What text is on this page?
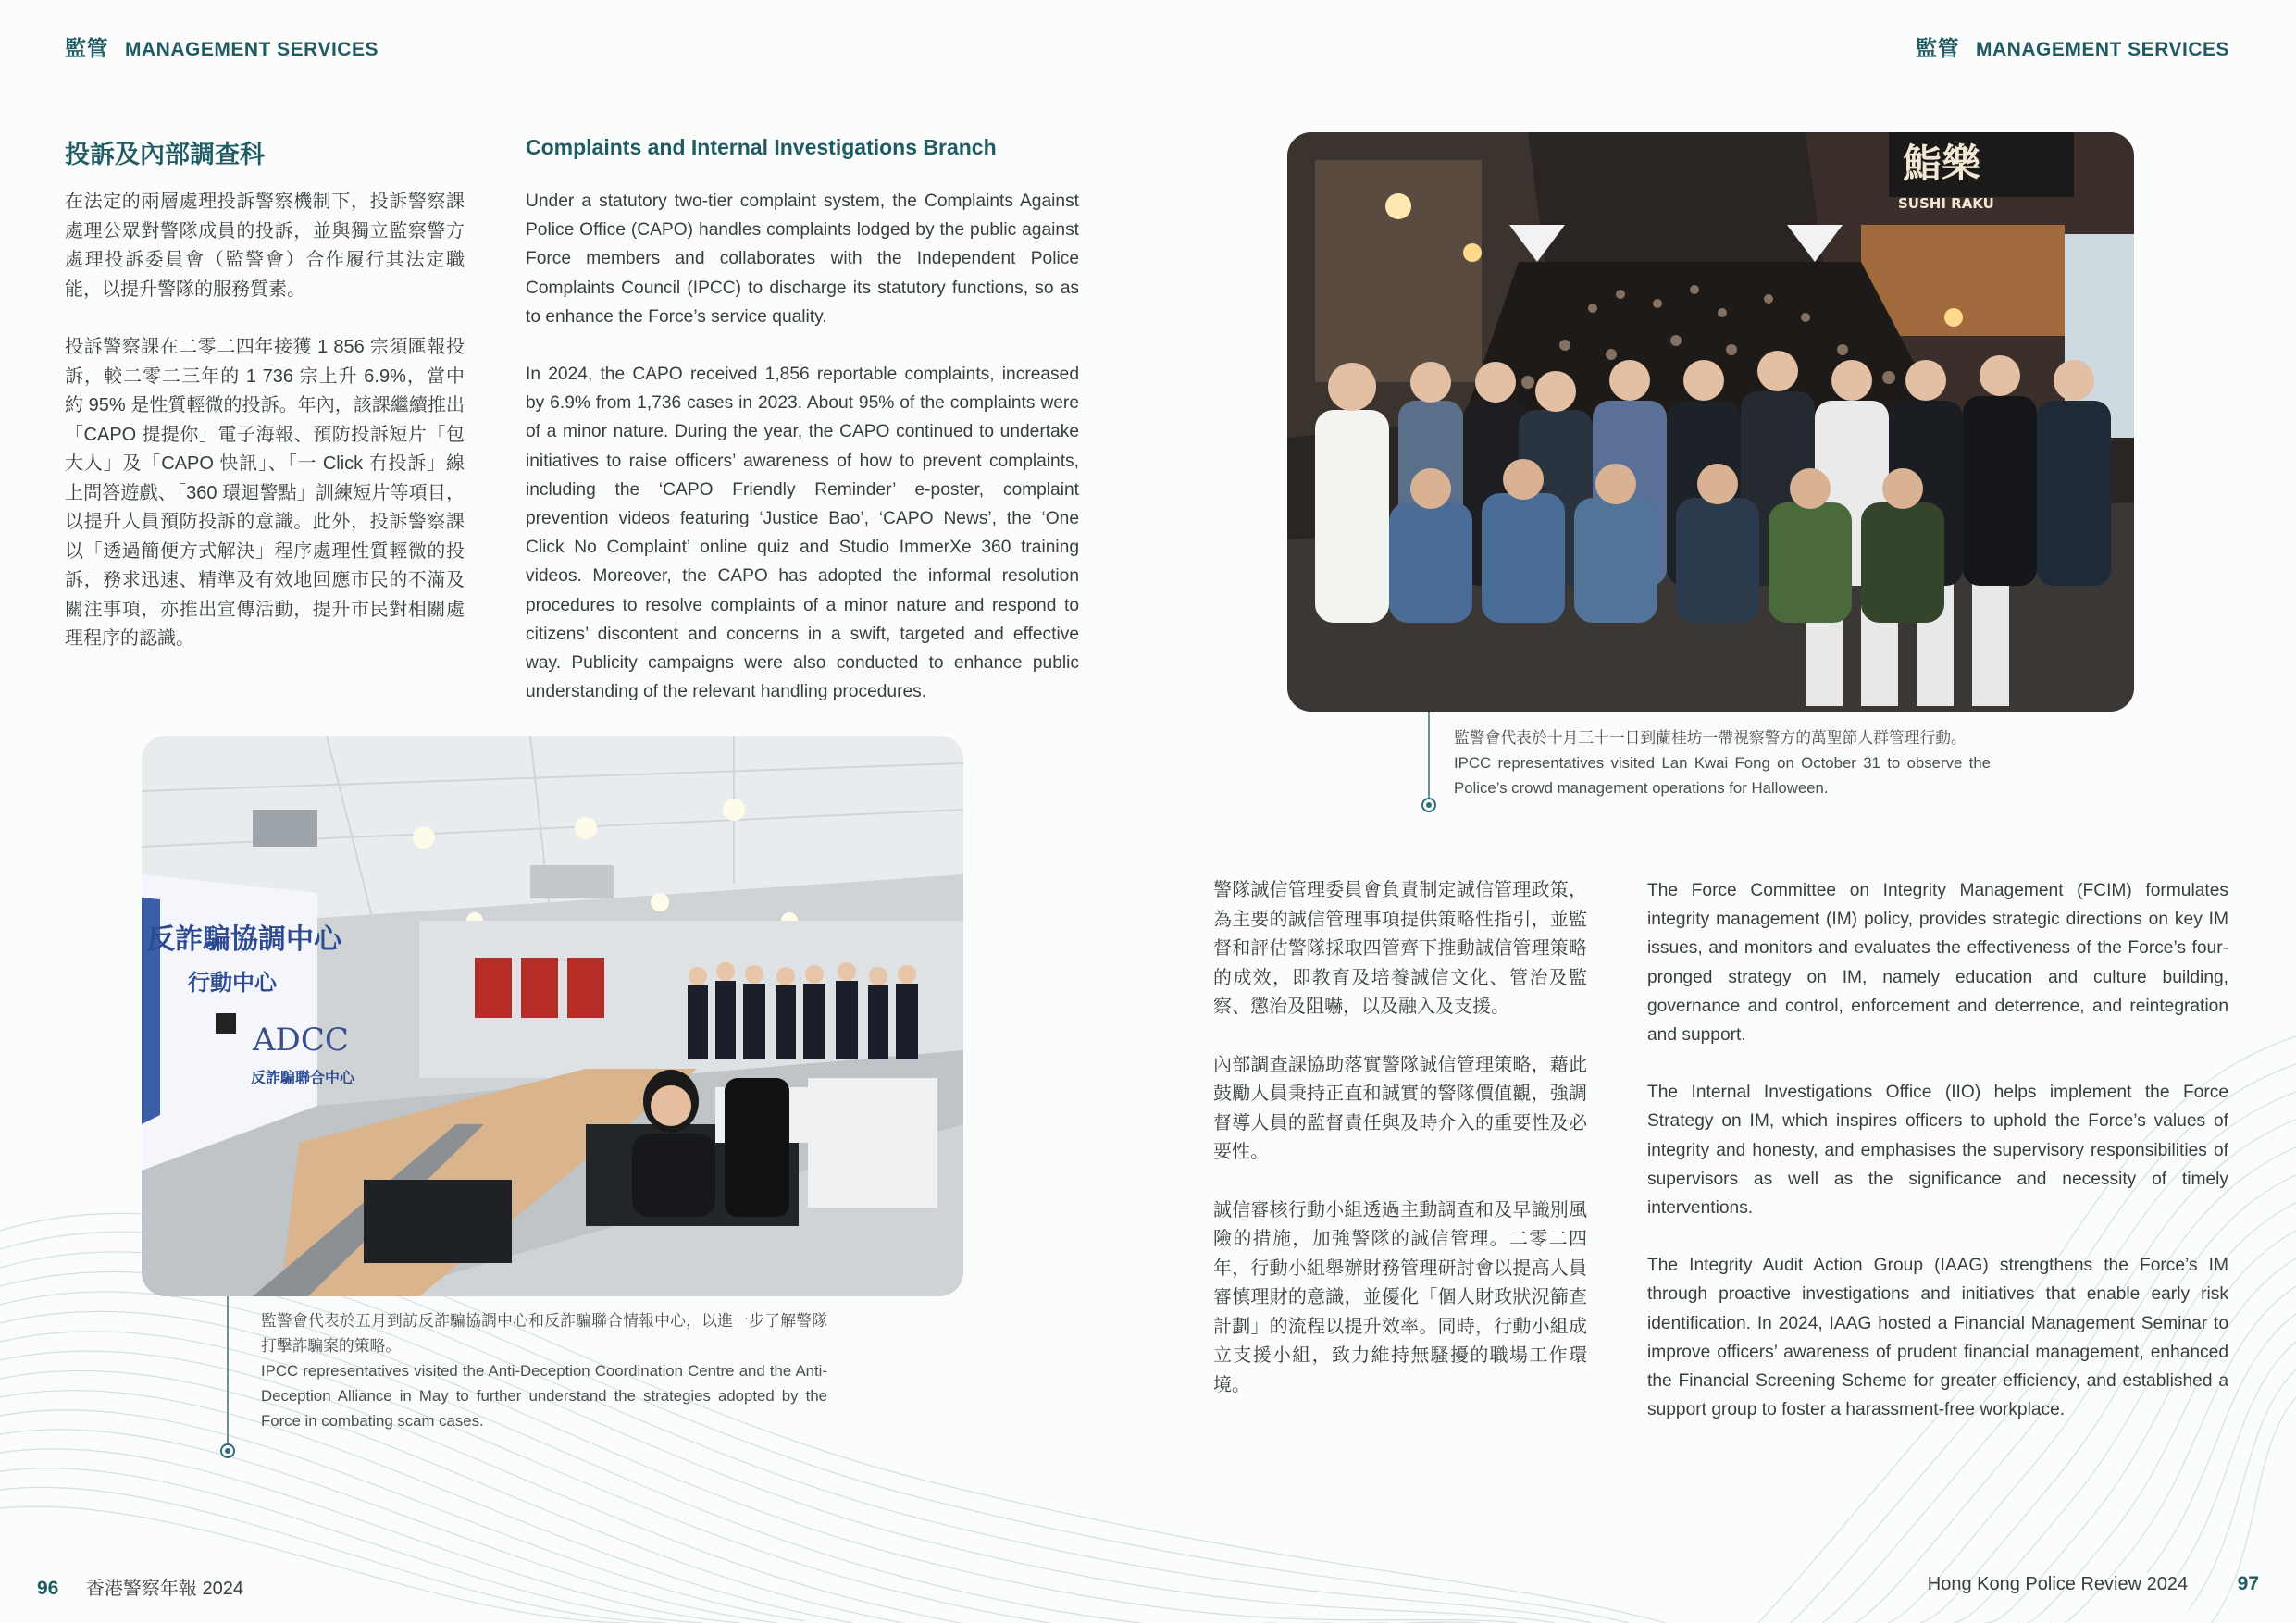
監管 MANAGEMENT SERVICES	監管 MANAGEMENT SERVICES
投訴及內部調查科	Complaints and Internal Investigations Branch

在法定的兩層處理投訴警察機制下，投訴警察課處理公眾對警隊成員的投訴，並與獨立監察警方處理投訴委員會（監警會）合作履行其法定職能，以提升警隊的服務質素。

投訴警察課在二零二四年接獲 1 856 宗須匯報投訴，較二零二三年的 1 736 宗上升 6.9%，當中約 95% 是性質輕微的投訴。年內，該課繼續推出「CAPO 提提你」電子海報、預防投訴短片「包大人」及「CAPO 快訊」、「一 Click 冇投訴」線上問答遊戲、「360 環迴警點」訓練短片等項目，以提升人員預防投訴的意識。此外，投訴警察課以「透過簡便方式解決」程序處理性質輕微的投訴，務求迅速、精準及有效地回應市民的不滿及關注事項，亦推出宣傳活動，提升市民對相關處理程序的認識。

Under a statutory two-tier complaint system, the Complaints Against Police Office (CAPO) handles complaints lodged by the public against Force members and collaborates with the Independent Police Complaints Council (IPCC) to discharge its statutory functions, so as to enhance the Force’s service quality.

In 2024, the CAPO received 1,856 reportable complaints, increased by 6.9% from 1,736 cases in 2023. About 95% of the complaints were of a minor nature. During the year, the CAPO continued to undertake initiatives to raise officers’ awareness of how to prevent complaints, including the ‘CAPO Friendly Reminder’ e-poster, complaint prevention videos featuring ‘Justice Bao’, ‘CAPO News’, the ‘One Click No Complaint’ online quiz and Studio ImmerXe 360 training videos. Moreover, the CAPO has adopted the informal resolution procedures to resolve complaints of a minor nature and respond to citizens’ discontent and concerns in a swift, targeted and effective way. Publicity campaigns were also conducted to enhance public understanding of the relevant handling procedures.

反詐騙協調中心
行動中心
ADCC
反詐騙聯合中心
監警會代表於五月到訪反詐騙協調中心和反詐騙聯合情報中心，以進一步了解警隊打擊詐騙案的策略。
IPCC representatives visited the Anti-Deception Coordination Centre and the Anti-Deception Alliance in May to further understand the strategies adopted by the Force in combating scam cases.
鮨樂
SUSHI RAKU
監警會代表於十月三十一日到蘭桂坊一帶視察警方的萬聖節人群管理行動。
IPCC representatives visited Lan Kwai Fong on October 31 to observe the Police’s crowd management operations for Halloween.

警隊誠信管理委員會負責制定誠信管理政策，為主要的誠信管理事項提供策略性指引，並監督和評估警隊採取四管齊下推動誠信管理策略的成效，即教育及培養誠信文化、管治及監察、懲治及阻嚇，以及融入及支援。

內部調查課協助落實警隊誠信管理策略，藉此鼓勵人員秉持正直和誠實的警隊價值觀，強調督導人員的監督責任與及時介入的重要性及必要性。

誠信審核行動小組透過主動調查和及早識別風險的措施，加強警隊的誠信管理。二零二四年，行動小組舉辦財務管理研討會以提高人員審慎理財的意識，並優化「個人財政狀況篩查計劃」的流程以提升效率。同時，行動小組成立支援小組，致力維持無騷擾的職場工作環境。

The Force Committee on Integrity Management (FCIM) formulates integrity management (IM) policy, provides strategic directions on key IM issues, and monitors and evaluates the effectiveness of the Force’s four-pronged strategy on IM, namely education and culture building, governance and control, enforcement and deterrence, and reintegration and support.

The Internal Investigations Office (IIO) helps implement the Force Strategy on IM, which inspires officers to uphold the Force’s values of integrity and honesty, and emphasises the supervisory responsibilities of supervisors as well as the significance and necessity of timely interventions.

The Integrity Audit Action Group (IAAG) strengthens the Force’s IM through proactive investigations and initiatives that enable early risk identification. In 2024, IAAG hosted a Financial Management Seminar to improve officers’ awareness of prudent financial management, enhanced the Financial Screening Scheme for greater efficiency, and established a support group to foster a harassment-free workplace.

96 香港警察年報 2024	Hong Kong Police Review 2024	97
